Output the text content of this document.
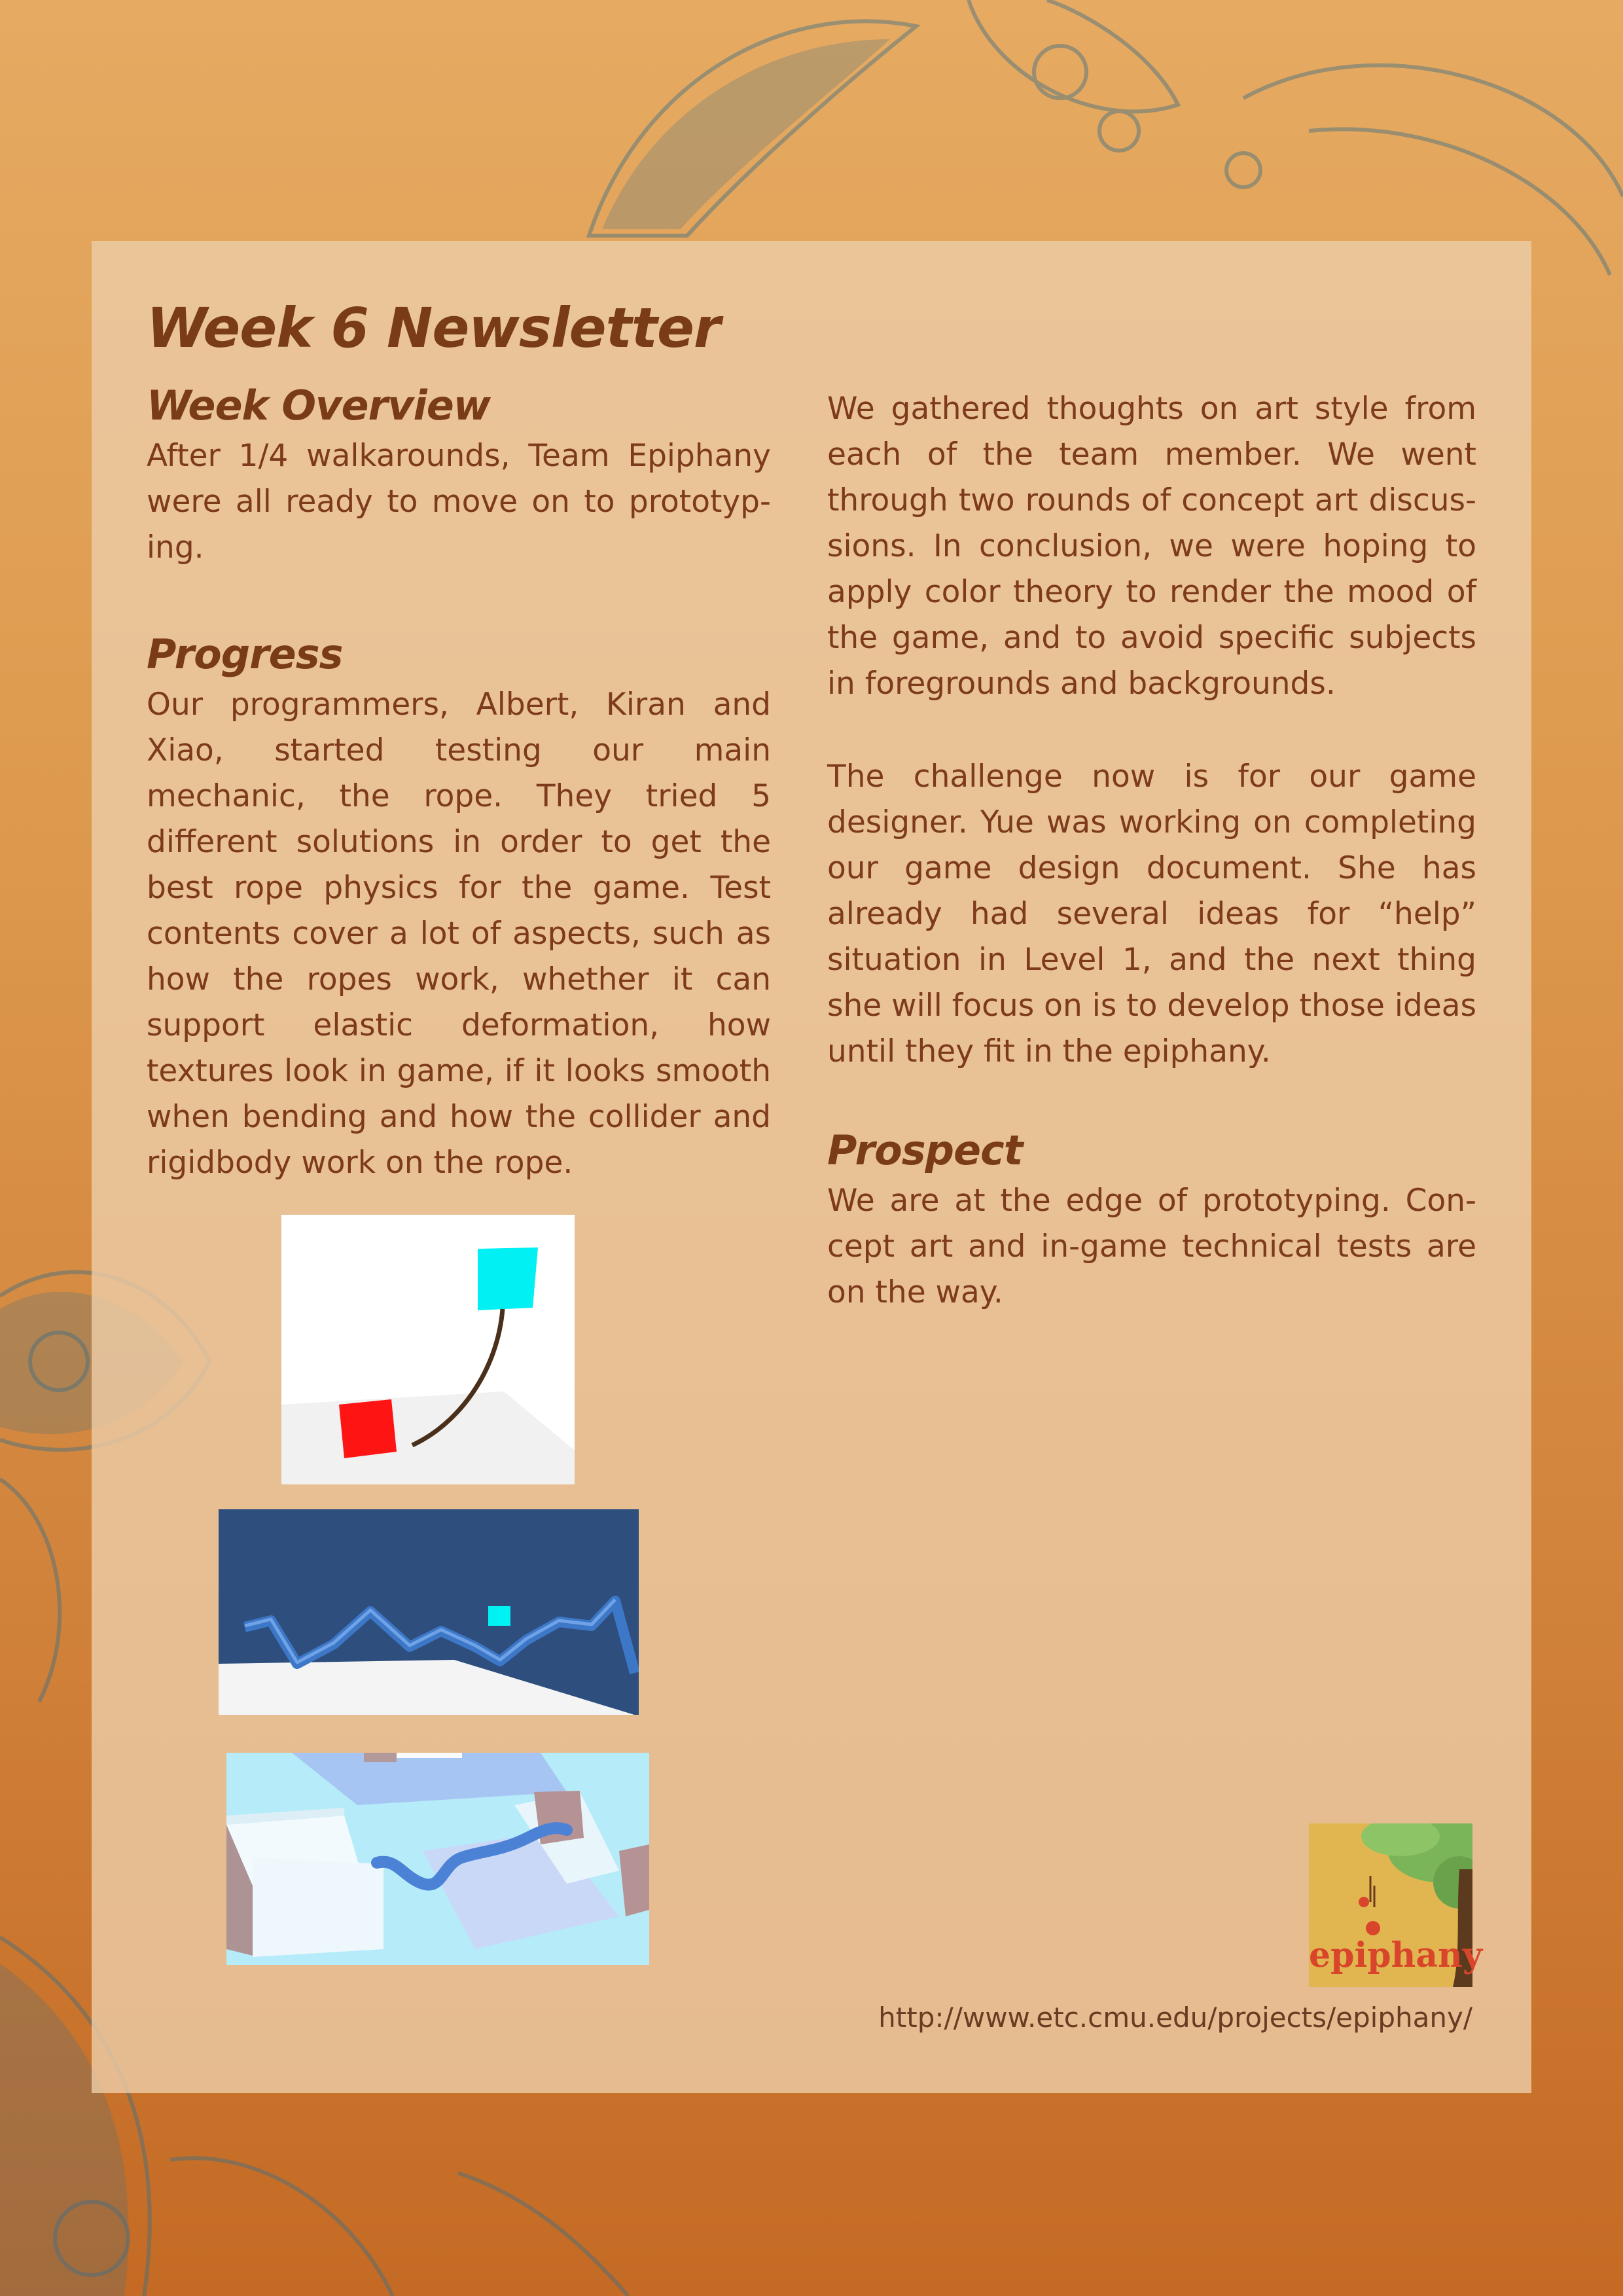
Week 6 Newsletter
Week Overview

After 1/4 walkarounds, Team Epiphany were all ready to move on to prototyping.

Progress

Our programmers, Albert, Kiran and Xiao, started testing our main mechanic, the rope. They tried 5 different solutions in order to get the best rope physics for the game. Test contents cover a lot of aspects, such as how the ropes work, whether it can support elastic deformation, how textures look in game, if it looks smooth when bending and how the collider and rigidbody work on the rope.

We gathered thoughts on art style from each of the team member. We went through two rounds of concept art discussions. In conclusion, we were hoping to apply color theory to render the mood of the game, and to avoid specific subjects in foregrounds and backgrounds.

The challenge now is for our game designer. Yue was working on completing our game design document. She has already had several ideas for “help” situation in Level 1, and the next thing she will focus on is to develop those ideas until they fit in the epiphany.

Prospect

We are at the edge of prototyping. Concept art and in-game technical tests are on the way.

epiphany
http://www.etc.cmu.edu/projects/epiphany/
